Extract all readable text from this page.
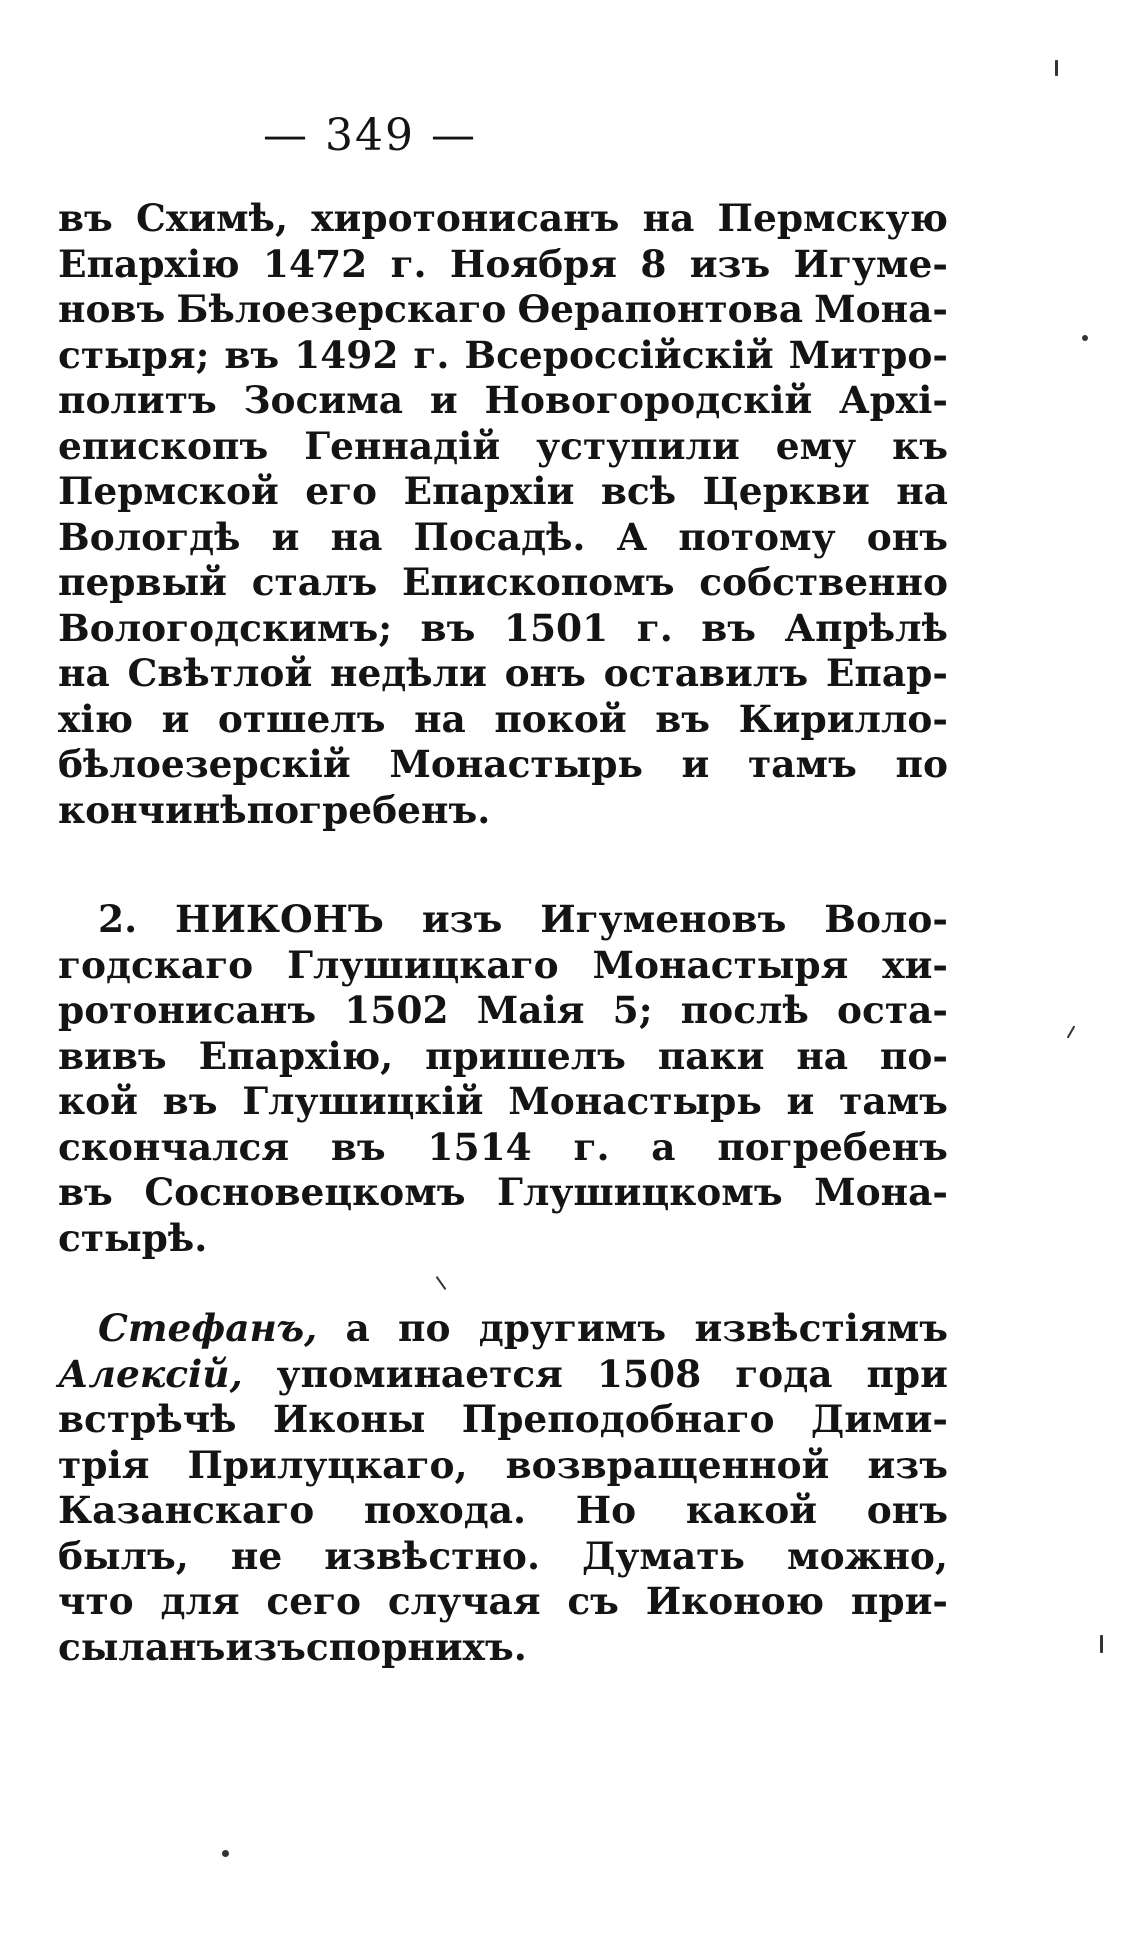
— 349 —
въ Схимѣ, хиротонисанъ на Пермскую
Епархію 1472 г. Ноября 8 изъ Игуме-
новъ Бѣлоезерскаго Ѳерапонтова Мона-
стыря; въ 1492 г. Всероссійскій Митро-
политъ Зосима и Новогородскій Архі-
епископъ Геннадій уступили ему къ
Пермской его Епархіи всѣ Церкви на
Вологдѣ и на Посадѣ. А потому онъ
первый сталъ Епископомъ собственно
Вологодскимъ; въ 1501 г. въ Апрѣлѣ
на Свѣтлой недѣли онъ оставилъ Епар-
хію и отшелъ на покой въ Кирилло-
бѣлоезерскій Монастырь и тамъ по
кончинѣ погребенъ.
2. НИКОНЪ изъ Игуменовъ Воло-
годскаго Глушицкаго Монастыря хи-
ротонисанъ 1502 Маія 5; послѣ оста-
вивъ Епархію, пришелъ паки на по-
кой въ Глушицкій Монастырь и тамъ
скончался въ 1514 г. а погребенъ
въ Сосновецкомъ Глушицкомъ Мона-
стырѣ.
Стефанъ, а по другимъ извѣстіямъ
Алексій, упоминается 1508 года при
встрѣчѣ Иконы Преподобнаго Дими-
трія Прилуцкаго, возвращенной изъ
Казанскаго похода. Но какой онъ
былъ, не извѣстно. Думать можно,
что для сего случая съ Иконою при-
сыланъ изъ спорнихъ.
